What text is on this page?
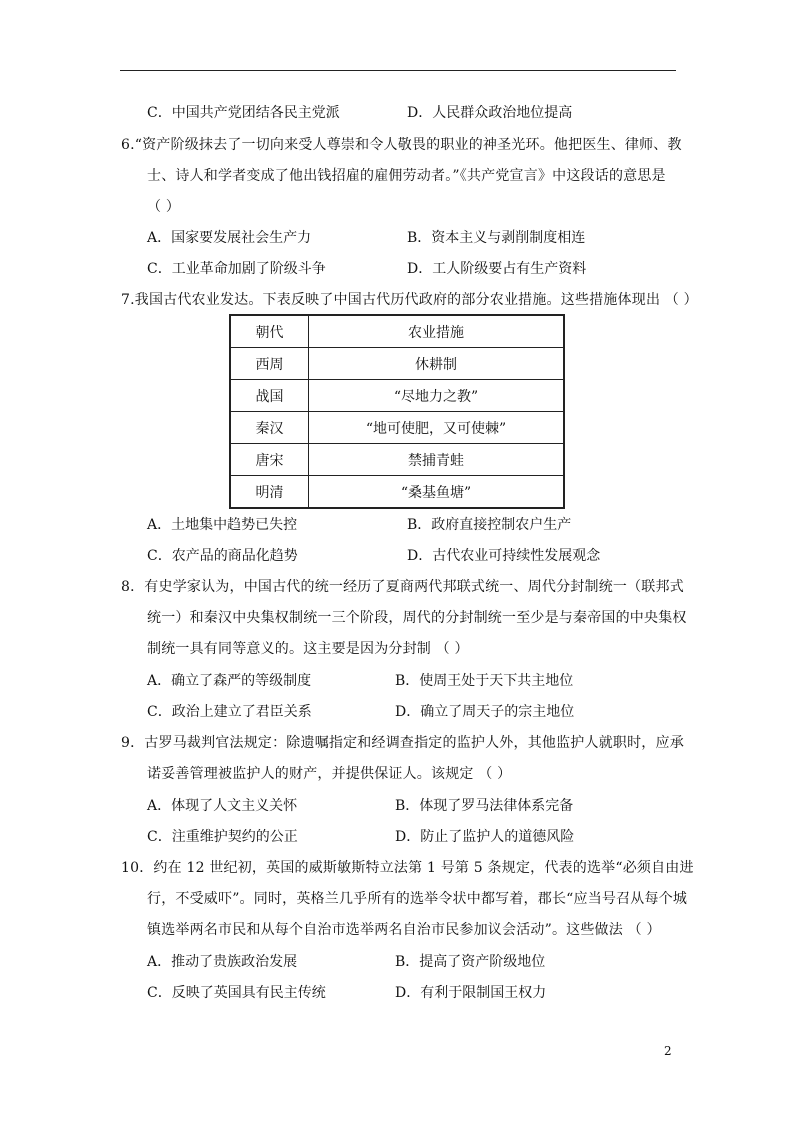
C．中国共产党团结各民主党派	D．人民群众政治地位提高
6.“资产阶级抹去了一切向来受人尊崇和令人敬畏的职业的神圣光环。他把医生、律师、教
士、诗人和学者变成了他出钱招雇的雇佣劳动者。”《共产党宣言》中这段话的意思是
（ ）
A．国家要发展社会生产力	B．资本主义与剥削制度相连
C．工业革命加剧了阶级斗争	D．工人阶级要占有生产资料
7.我国古代农业发达。下表反映了中国古代历代政府的部分农业措施。这些措施体现出 （ ）
朝代	农业措施
西周	休耕制
战国	“尽地力之教”
秦汉	“地可使肥，又可使棘”
唐宋	禁捕青蛙
明清	“桑基鱼塘”
A．土地集中趋势已失控	B．政府直接控制农户生产
C．农产品的商品化趋势	D．古代农业可持续性发展观念
8．有史学家认为，中国古代的统一经历了夏商两代邦联式统一、周代分封制统一（联邦式
统一）和秦汉中央集权制统一三个阶段，周代的分封制统一至少是与秦帝国的中央集权
制统一具有同等意义的。这主要是因为分封制 （ ）
A．确立了森严的等级制度	B．使周王处于天下共主地位
C．政治上建立了君臣关系	D．确立了周天子的宗主地位
9．古罗马裁判官法规定：除遗嘱指定和经调查指定的监护人外，其他监护人就职时，应承
诺妥善管理被监护人的财产，并提供保证人。该规定 （ ）
A．体现了人文主义关怀	B．体现了罗马法律体系完备
C．注重维护契约的公正	D．防止了监护人的道德风险
10．约在 12 世纪初，英国的威斯敏斯特立法第 1 号第 5 条规定，代表的选举“必须自由进
行，不受威吓”。同时，英格兰几乎所有的选举令状中都写着，郡长“应当号召从每个城
镇选举两名市民和从每个自治市选举两名自治市民参加议会活动”。这些做法 （ ）
A．推动了贵族政治发展	B．提高了资产阶级地位
C．反映了英国具有民主传统	D．有利于限制国王权力
2
